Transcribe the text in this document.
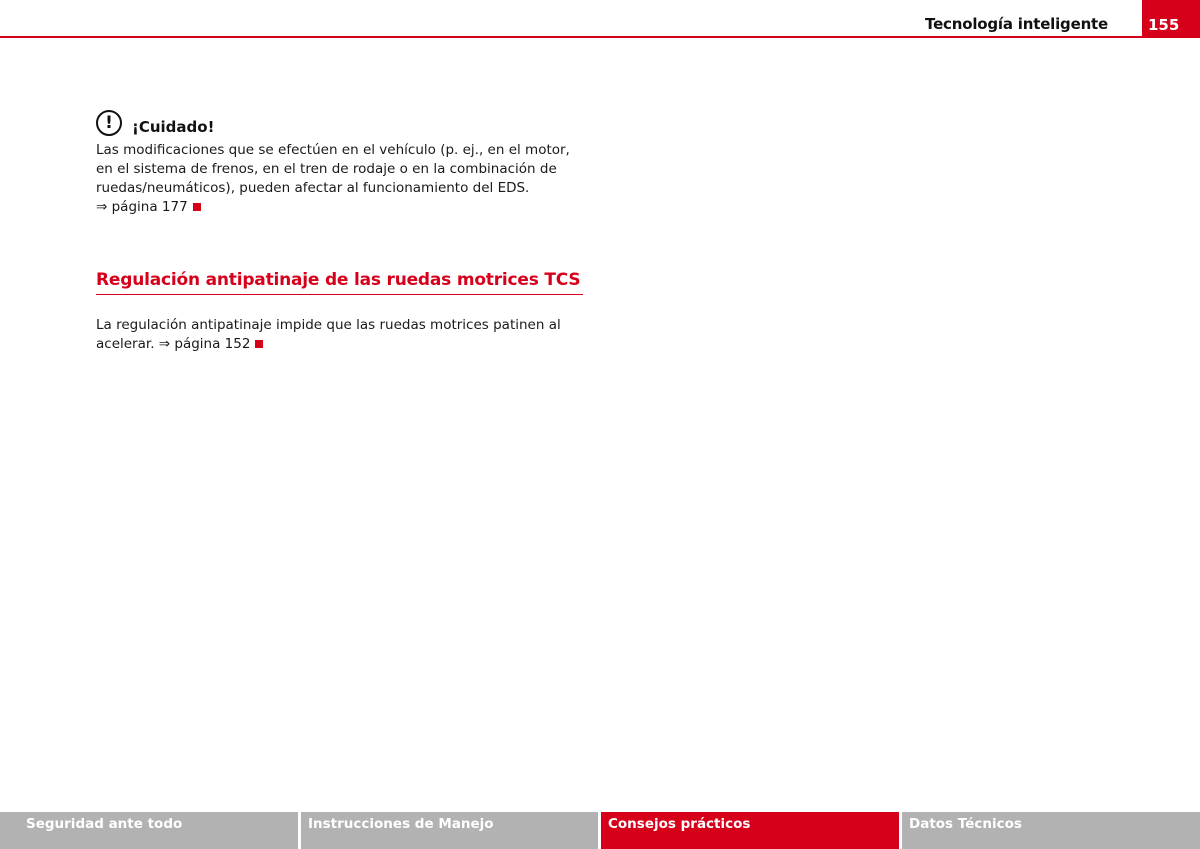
Tecnología inteligente	155
!	¡Cuidado!
Las modificaciones que se efectúen en el vehículo (p. ej., en el motor, en el sistema de frenos, en el tren de rodaje o en la combinación de ruedas/neumáticos), pueden afectar al funcionamiento del EDS.
⇒ página 177
Regulación antipatinaje de las ruedas motrices TCS
La regulación antipatinaje impide que las ruedas motrices patinen al acelerar. ⇒ página 152
Seguridad ante todo	Instrucciones de Manejo	Consejos prácticos	Datos Técnicos
